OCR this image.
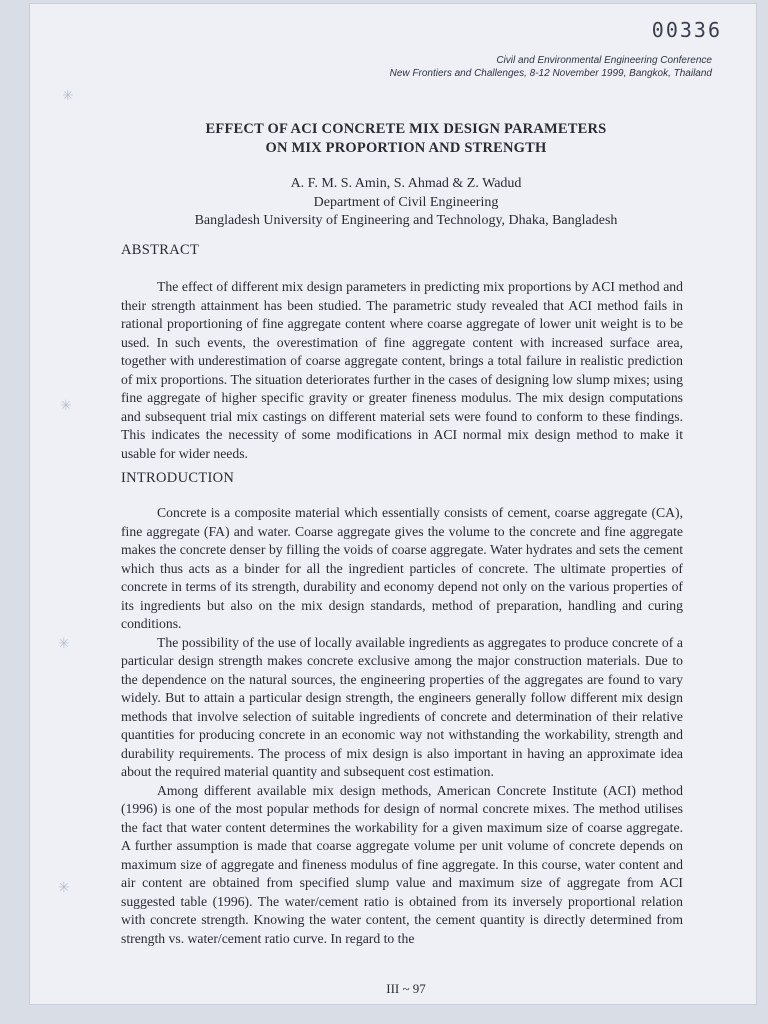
✳
✳
✳
✳
00336
Civil and Environmental Engineering Conference
New Frontiers and Challenges, 8-12 November 1999, Bangkok, Thailand
EFFECT OF ACI CONCRETE MIX DESIGN PARAMETERS
ON MIX PROPORTION AND STRENGTH
A. F. M. S. Amin, S. Ahmad & Z. Wadud
Department of Civil Engineering
Bangladesh University of Engineering and Technology, Dhaka, Bangladesh
ABSTRACT

The effect of different mix design parameters in predicting mix proportions by ACI method and their strength attainment has been studied. The parametric study revealed that ACI method fails in rational proportioning of fine aggregate content where coarse aggregate of lower unit weight is to be used. In such events, the overestimation of fine aggregate content with increased surface area, together with underestimation of coarse aggregate content, brings a total failure in realistic prediction of mix proportions. The situation deteriorates further in the cases of designing low slump mixes; using fine aggregate of higher specific gravity or greater fineness modulus. The mix design computations and subsequent trial mix castings on different material sets were found to conform to these findings. This indicates the necessity of some modifications in ACI normal mix design method to make it usable for wider needs.

INTRODUCTION

Concrete is a composite material which essentially consists of cement, coarse aggregate (CA), fine aggregate (FA) and water. Coarse aggregate gives the volume to the concrete and fine aggregate makes the concrete denser by filling the voids of coarse aggregate. Water hydrates and sets the cement which thus acts as a binder for all the ingredient particles of concrete. The ultimate properties of concrete in terms of its strength, durability and economy depend not only on the various properties of its ingredients but also on the mix design standards, method of preparation, handling and curing conditions.

The possibility of the use of locally available ingredients as aggregates to produce concrete of a particular design strength makes concrete exclusive among the major construction materials. Due to the dependence on the natural sources, the engineering properties of the aggregates are found to vary widely. But to attain a particular design strength, the engineers generally follow different mix design methods that involve selection of suitable ingredients of concrete and determination of their relative quantities for producing concrete in an economic way not withstanding the workability, strength and durability requirements. The process of mix design is also important in having an approximate idea about the required material quantity and subsequent cost estimation.

Among different available mix design methods, American Concrete Institute (ACI) method (1996) is one of the most popular methods for design of normal concrete mixes. The method utilises the fact that water content determines the workability for a given maximum size of coarse aggregate. A further assumption is made that coarse aggregate volume per unit volume of concrete depends on maximum size of aggregate and fineness modulus of fine aggregate. In this course, water content and air content are obtained from specified slump value and maximum size of aggregate from ACI suggested table (1996). The water/cement ratio is obtained from its inversely proportional relation with concrete strength. Knowing the water content, the cement quantity is directly determined from strength vs. water/cement ratio curve. In regard to the

III ~ 97
